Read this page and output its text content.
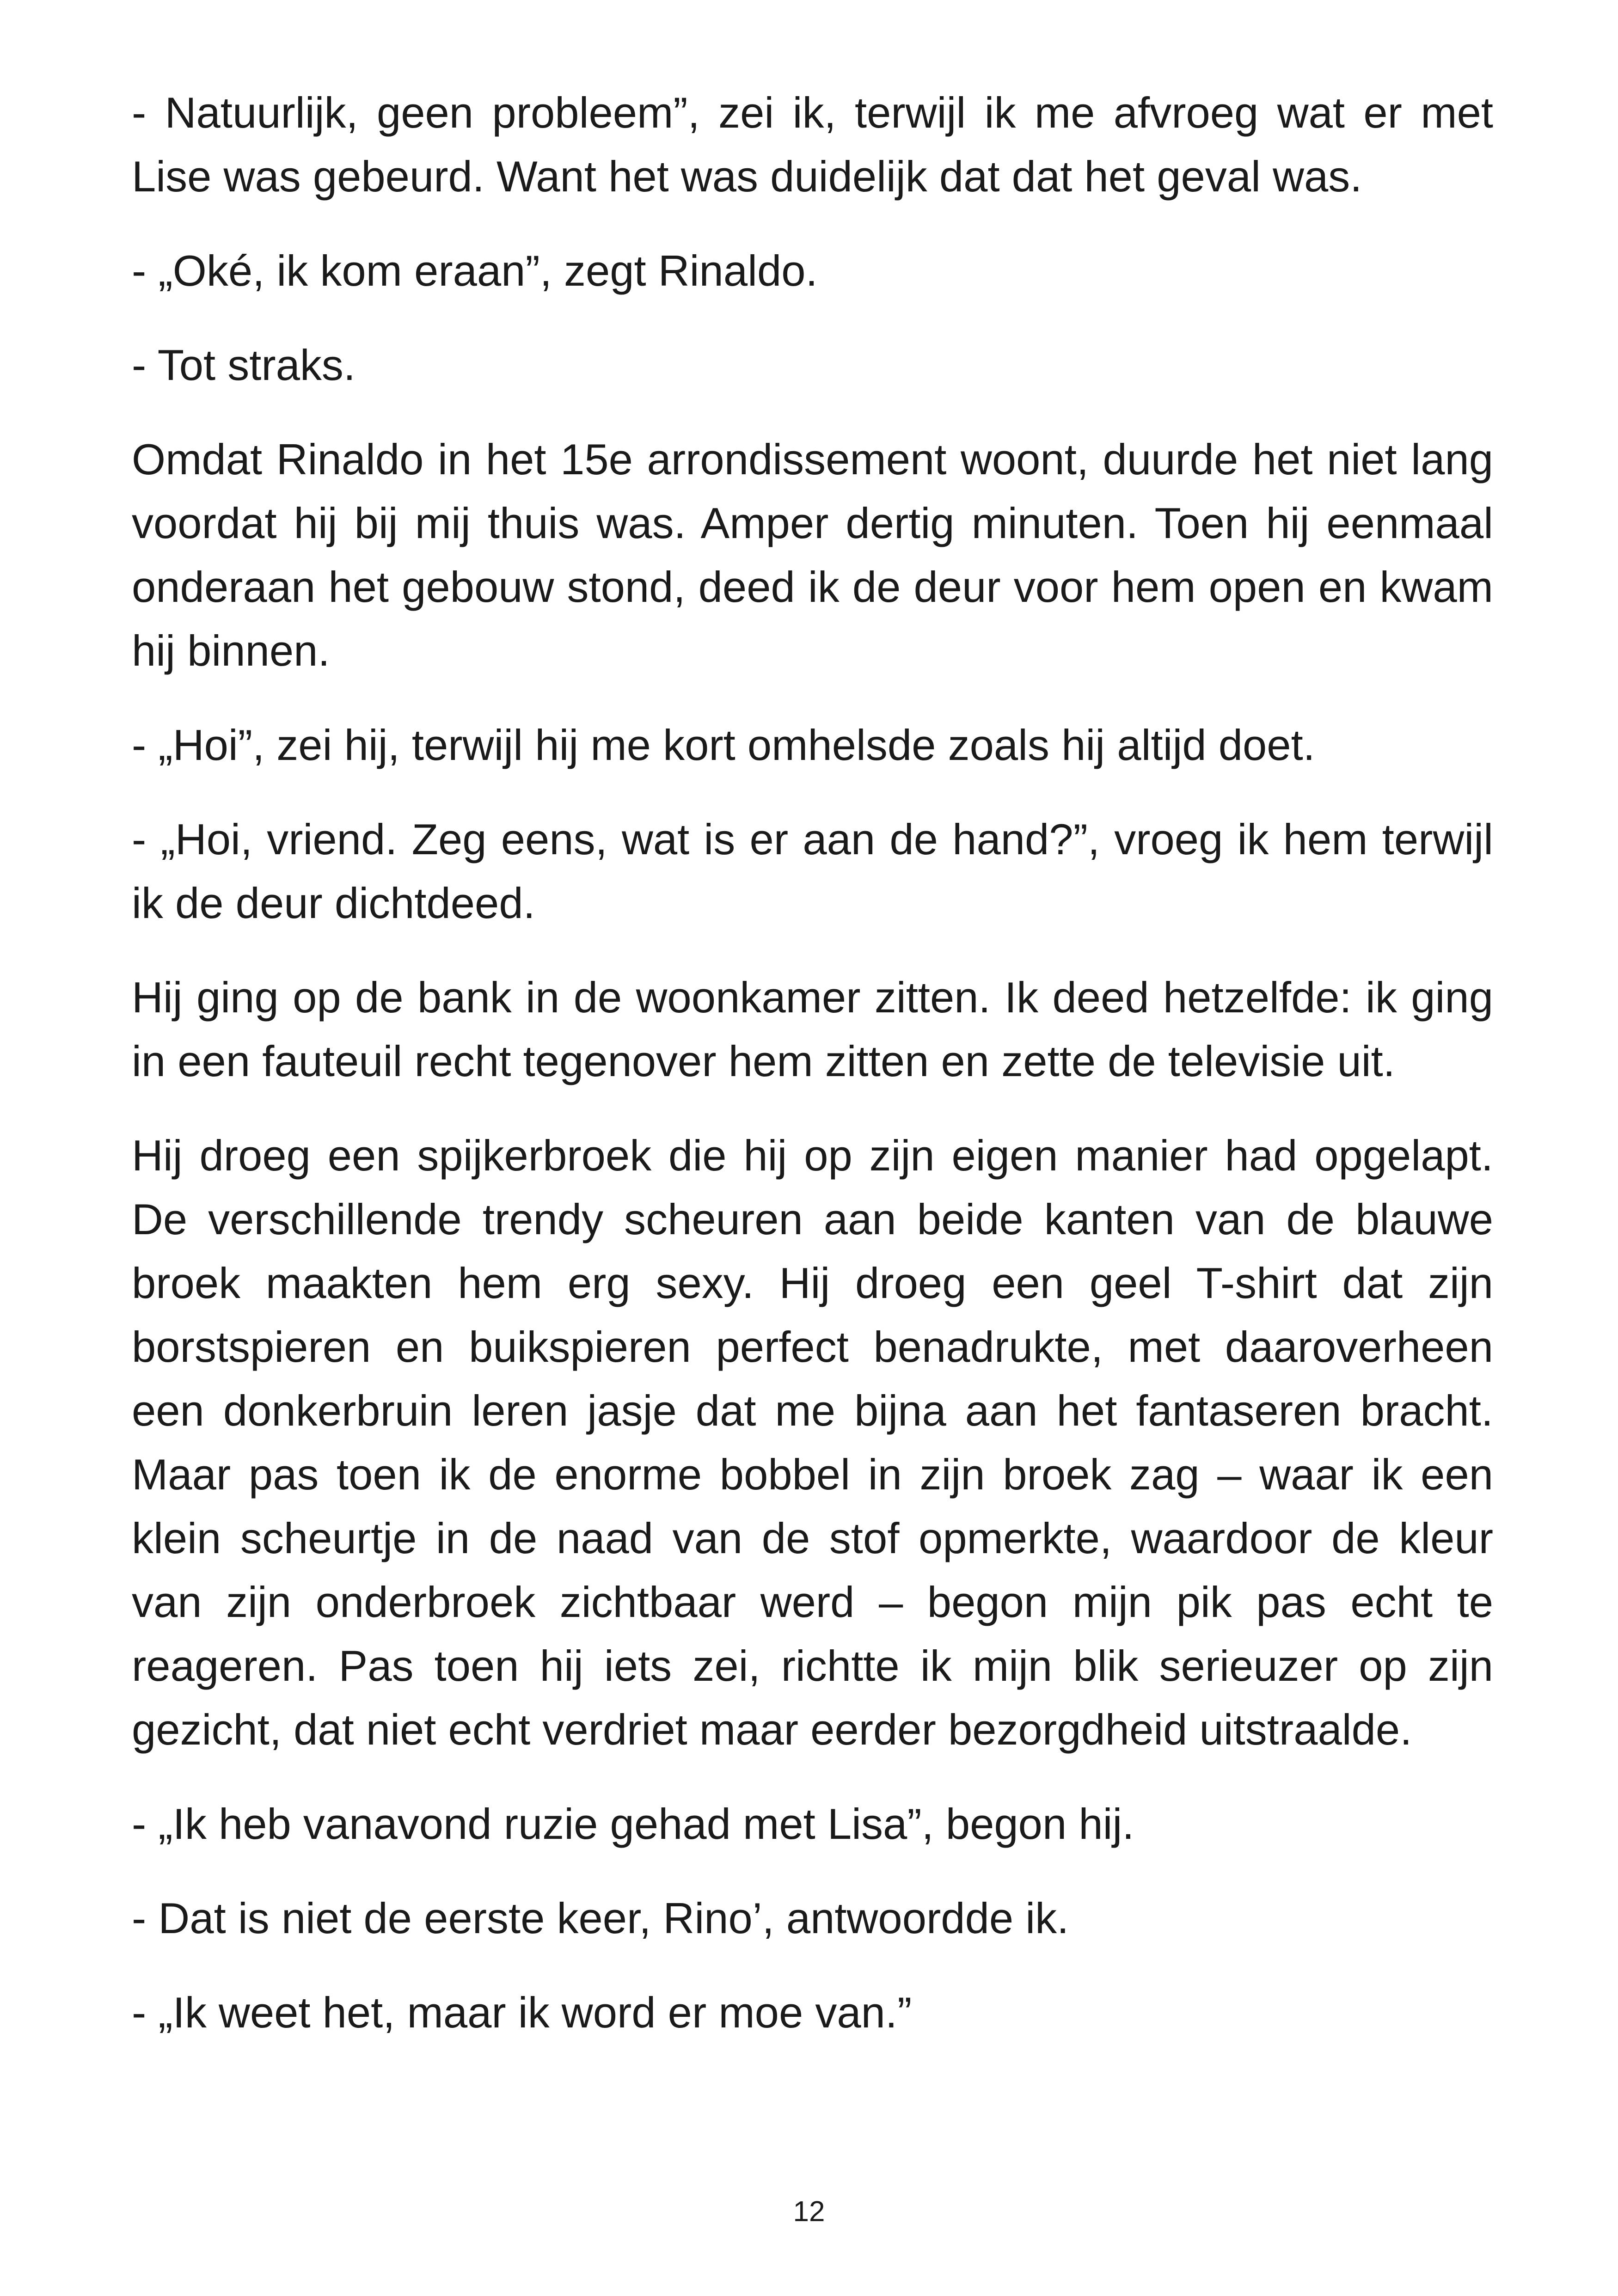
- Natuurlijk, geen probleem”, zei ik, terwijl ik me afvroeg wat er met Lise was gebeurd. Want het was duidelijk dat dat het geval was.

- „Oké, ik kom eraan”, zegt Rinaldo.

- Tot straks.

Omdat Rinaldo in het 15e arrondissement woont, duurde het niet lang voordat hij bij mij thuis was. Amper dertig minuten. Toen hij eenmaal onderaan het gebouw stond, deed ik de deur voor hem open en kwam hij binnen.

- „Hoi”, zei hij, terwijl hij me kort omhelsde zoals hij altijd doet.

- „Hoi, vriend. Zeg eens, wat is er aan de hand?”, vroeg ik hem terwijl ik de deur dichtdeed.

Hij ging op de bank in de woonkamer zitten. Ik deed hetzelfde: ik ging in een fauteuil recht tegenover hem zitten en zette de televisie uit.

Hij droeg een spijkerbroek die hij op zijn eigen manier had opgelapt. De verschillende trendy scheuren aan beide kanten van de blauwe broek maakten hem erg sexy. Hij droeg een geel T-shirt dat zijn borstspieren en buikspieren perfect benadrukte, met daaroverheen een donkerbruin leren jasje dat me bijna aan het fantaseren bracht. Maar pas toen ik de enorme bobbel in zijn broek zag – waar ik een klein scheurtje in de naad van de stof opmerkte, waardoor de kleur van zijn onderbroek zichtbaar werd – begon mijn pik pas echt te reageren. Pas toen hij iets zei, richtte ik mijn blik serieuzer op zijn gezicht, dat niet echt verdriet maar eerder bezorgdheid uitstraalde.

- „Ik heb vanavond ruzie gehad met Lisa”, begon hij.

- Dat is niet de eerste keer, Rino’, antwoordde ik.

- „Ik weet het, maar ik word er moe van.”

12
